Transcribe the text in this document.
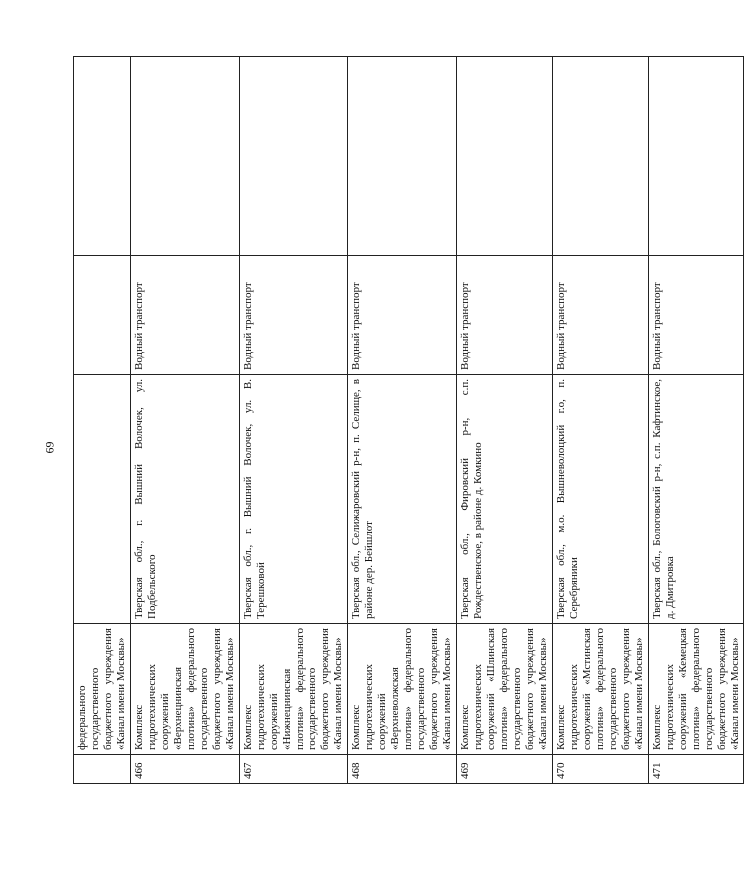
69
	федерального государственного бюджетного учреждения «Канал имени Москвы»			
466	Комплекс гидротехнических сооружений «Верхнецнинская плотина» федерального государственного бюджетного учреждения «Канал имени Москвы»	Тверская обл., г. Вышний Волочек, ул. Подбельского	Водный транспорт	
467	Комплекс гидротехнических сооружений «Нижнецнинская плотина» федерального государственного бюджетного учреждения «Канал имени Москвы»	Тверская обл., г. Вышний Волочек, ул. В. Терешковой	Водный транспорт	
468	Комплекс гидротехнических сооружений «Верхневолжская плотина» федерального государственного бюджетного учреждения «Канал имени Москвы»	Тверская обл., Селижаровский р-н, п. Селище, в районе дер. Бейшлот	Водный транспорт	
469	Комплекс гидротехнических сооружений «Шлинская плотина» федерального государственного бюджетного учреждения «Канал имени Москвы»	Тверская обл., Фировский р-н, с.п. Рождественское, в районе д. Комкино	Водный транспорт	
470	Комплекс гидротехнических сооружений «Мстинская плотина» федерального государственного бюджетного учреждения «Канал имени Москвы»	Тверская обл., м.о. Вышневолоцкий г.о, п. Серебряники	Водный транспорт	
471	Комплекс гидротехнических сооружений «Кемецкая плотина» федерального государственного бюджетного учреждения «Канал имени Москвы»	Тверская обл., Бологовский р-н, с.п. Кафтинское, д. Дмитровка	Водный транспорт	
